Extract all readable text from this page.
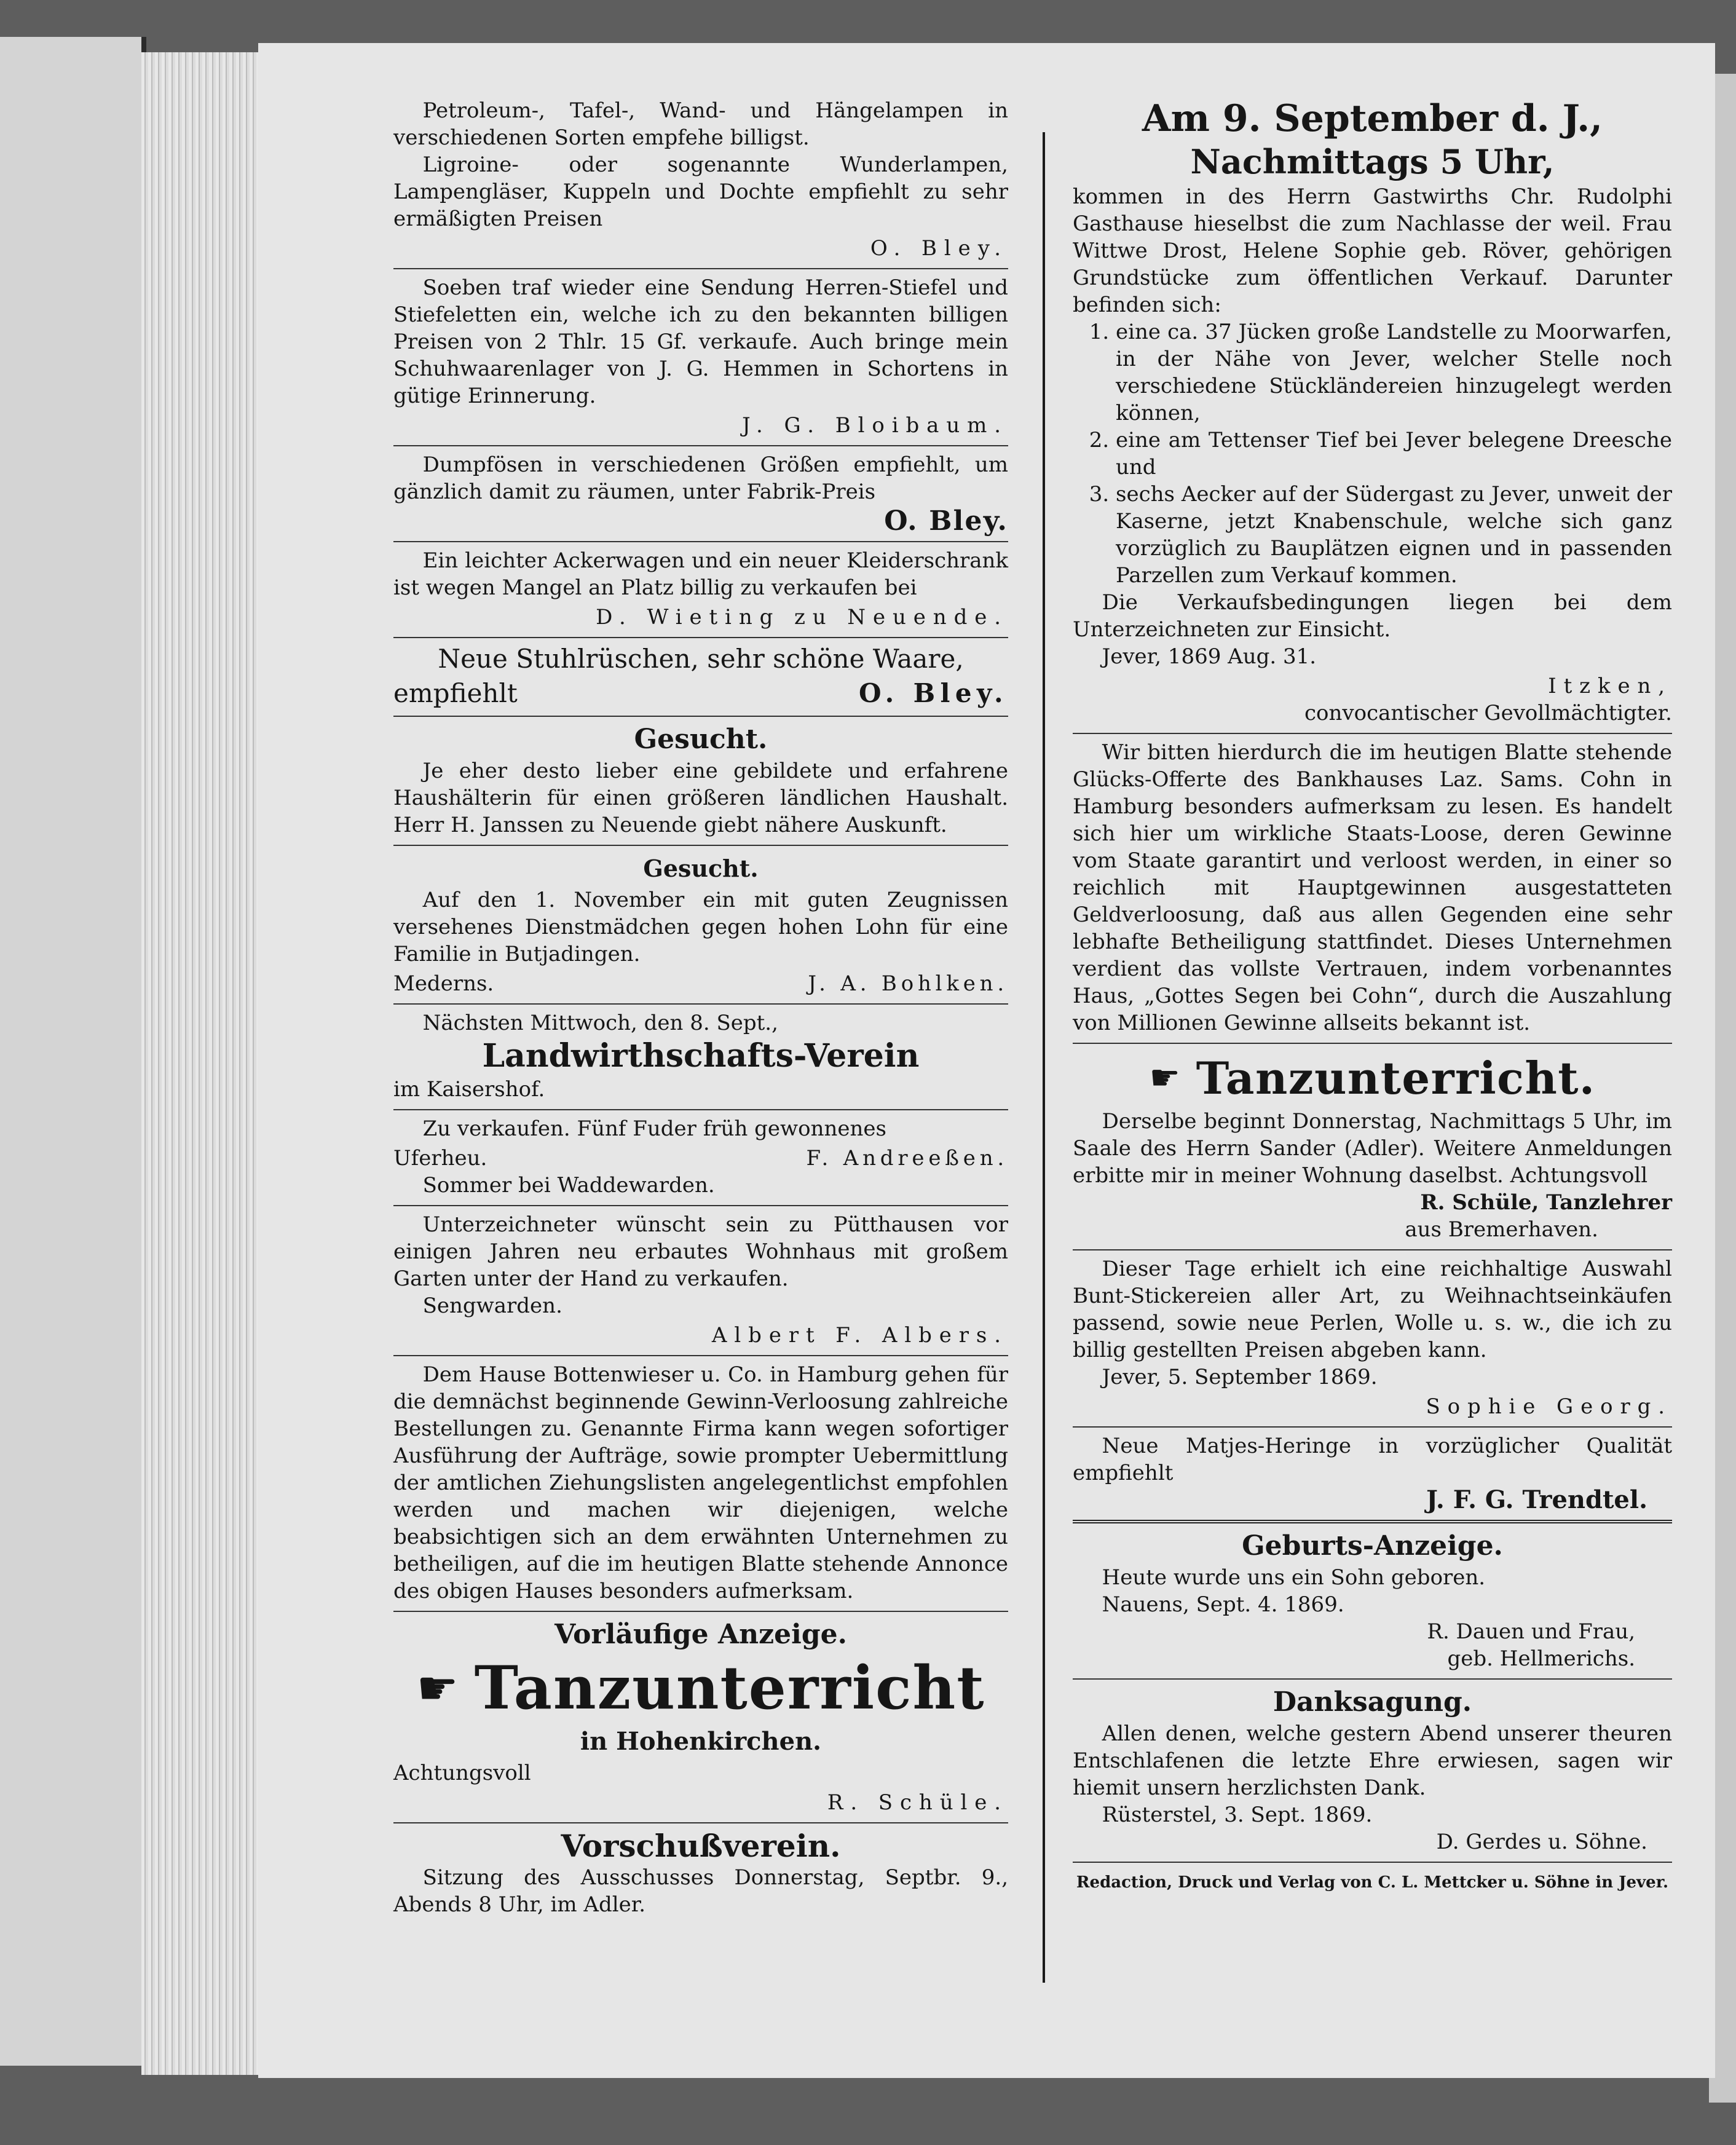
Petroleum-, Tafel-, Wand- und Hängelampen in verschiedenen Sorten empfehe billigst.

Ligroine- oder sogenannte Wunderlampen, Lampengläser, Kuppeln und Dochte empfiehlt zu sehr ermäßigten Preisen

O. Bley.

Soeben traf wieder eine Sendung Herren-Stiefel und Stiefeletten ein, welche ich zu den bekannten billigen Preisen von 2 Thlr. 15 Gf. verkaufe. Auch bringe mein Schuhwaarenlager von J. G. Hemmen in Schortens in gütige Erinnerung.

J. G. Bloibaum.

Dumpfösen in verschiedenen Größen empfiehlt, um gänzlich damit zu räumen, unter Fabrik-Preis

O. Bley.

Ein leichter Ackerwagen und ein neuer Kleiderschrank ist wegen Mangel an Platz billig zu verkaufen bei

D. Wieting zu Neuende.

Neue Stuhlrüschen, sehr schöne Waare,

empfiehlt	O. Bley.

Gesucht.

Je eher desto lieber eine gebildete und erfahrene Haushälterin für einen größeren ländlichen Haushalt. Herr H. Janssen zu Neuende giebt nähere Auskunft.

Gesucht.

Auf den 1. November ein mit guten Zeugnissen versehenes Dienstmädchen gegen hohen Lohn für eine Familie in Butjadingen.

Mederns.	J. A. Bohlken.

Nächsten Mittwoch, den 8. Sept.,

Landwirthschafts-Verein

im Kaisershof.

Zu verkaufen. Fünf Fuder früh gewonnenes

Uferheu.	F. Andreeßen.

Sommer bei Waddewarden.

Unterzeichneter wünscht sein zu Pütthausen vor einigen Jahren neu erbautes Wohnhaus mit großem Garten unter der Hand zu verkaufen.

Sengwarden.

Albert F. Albers.

Dem Hause Bottenwieser u. Co. in Hamburg gehen für die demnächst beginnende Gewinn-Verloosung zahlreiche Bestellungen zu. Genannte Firma kann wegen sofortiger Ausführung der Aufträge, sowie prompter Uebermittlung der amtlichen Ziehungslisten angelegentlichst empfohlen werden und machen wir diejenigen, welche beabsichtigen sich an dem erwähnten Unternehmen zu betheiligen, auf die im heutigen Blatte stehende Annonce des obigen Hauses besonders aufmerksam.

Vorläufige Anzeige.

☛ Tanzunterricht

in Hohenkirchen.

Achtungsvoll

R. Schüle.

Vorschußverein.

Sitzung des Ausschusses Donnerstag, Septbr. 9., Abends 8 Uhr, im Adler.

Am 9. September d. J.,

Nachmittags 5 Uhr,

kommen in des Herrn Gastwirths Chr. Rudolphi Gasthause hieselbst die zum Nachlasse der weil. Frau Wittwe Drost, Helene Sophie geb. Röver, gehörigen Grundstücke zum öffentlichen Verkauf. Darunter befinden sich:

1. eine ca. 37 Jücken große Landstelle zu Moorwarfen, in der Nähe von Jever, welcher Stelle noch verschiedene Stückländereien hinzugelegt werden können,
2. eine am Tettenser Tief bei Jever belegene Dreesche und
3. sechs Aecker auf der Südergast zu Jever, unweit der Kaserne, jetzt Knabenschule, welche sich ganz vorzüglich zu Bauplätzen eignen und in passenden Parzellen zum Verkauf kommen.

Die Verkaufsbedingungen liegen bei dem Unterzeichneten zur Einsicht.

Jever, 1869 Aug. 31.

Itzken,

convocantischer Gevollmächtigter.

Wir bitten hierdurch die im heutigen Blatte stehende Glücks-Offerte des Bankhauses Laz. Sams. Cohn in Hamburg besonders aufmerksam zu lesen. Es handelt sich hier um wirkliche Staats-Loose, deren Gewinne vom Staate garantirt und verloost werden, in einer so reichlich mit Hauptgewinnen ausgestatteten Geldverloosung, daß aus allen Gegenden eine sehr lebhafte Betheiligung stattfindet. Dieses Unternehmen verdient das vollste Vertrauen, indem vorbenanntes Haus, „Gottes Segen bei Cohn“, durch die Auszahlung von Millionen Gewinne allseits bekannt ist.

☛ Tanzunterricht.

Derselbe beginnt Donnerstag, Nachmittags 5 Uhr, im Saale des Herrn Sander (Adler). Weitere Anmeldungen erbitte mir in meiner Wohnung daselbst. Achtungsvoll

R. Schüle, Tanzlehrer

aus Bremerhaven.

Dieser Tage erhielt ich eine reichhaltige Auswahl Bunt-Stickereien aller Art, zu Weihnachtseinkäufen passend, sowie neue Perlen, Wolle u. s. w., die ich zu billig gestellten Preisen abgeben kann.

Jever, 5. September 1869.

Sophie Georg.

Neue Matjes-Heringe in vorzüglicher Qualität empfiehlt

J. F. G. Trendtel.

Geburts-Anzeige.

Heute wurde uns ein Sohn geboren.

Nauens, Sept. 4. 1869.

R. Dauen und Frau,

geb. Hellmerichs.

Danksagung.

Allen denen, welche gestern Abend unserer theuren Entschlafenen die letzte Ehre erwiesen, sagen wir hiemit unsern herzlichsten Dank.

Rüsterstel, 3. Sept. 1869.

D. Gerdes u. Söhne.

Redaction, Druck und Verlag von C. L. Mettcker u. Söhne in Jever.
